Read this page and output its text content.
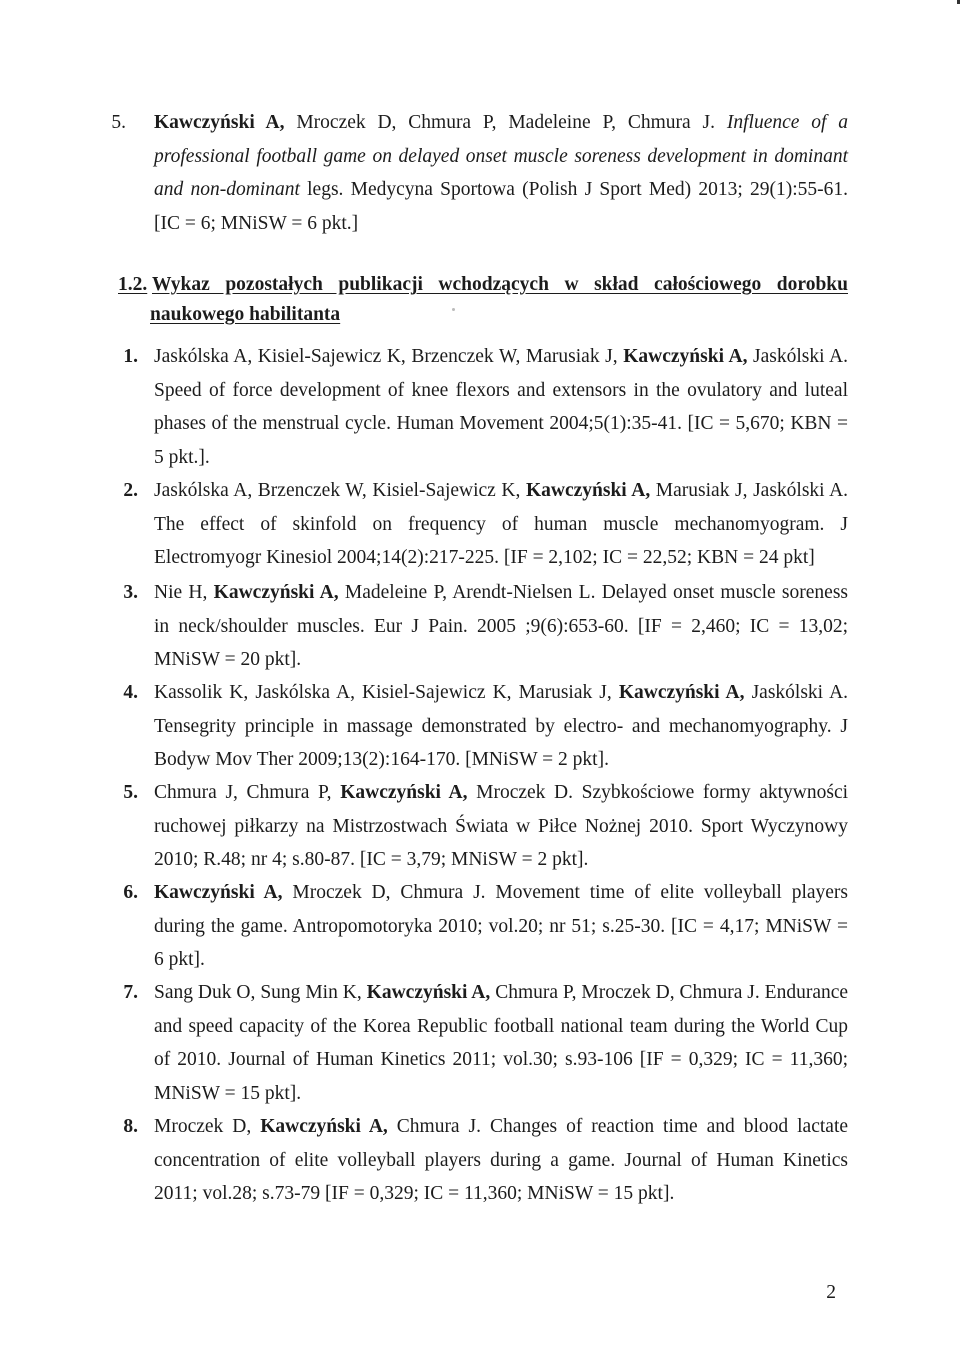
5. Kawczyński A, Mroczek D, Chmura P, Madeleine P, Chmura J. Influence of a professional football game on delayed onset muscle soreness development in dominant and non-dominant legs. Medycyna Sportowa (Polish J Sport Med) 2013; 29(1):55-61. [IC = 6; MNiSW = 6 pkt.]
1.2. Wykaz pozostałych publikacji wchodzących w skład całościowego dorobku
naukowego habilitanta
1. Jaskólska A, Kisiel-Sajewicz K, Brzenczek W, Marusiak J, Kawczyński A, Jaskólski A. Speed of force development of knee flexors and extensors in the ovulatory and luteal phases of the menstrual cycle. Human Movement 2004;5(1):35-41. [IC = 5,670; KBN = 5 pkt.].
2. Jaskólska A, Brzenczek W, Kisiel-Sajewicz K, Kawczyński A, Marusiak J, Jaskólski A. The effect of skinfold on frequency of human muscle mechanomyogram. J Electromyogr Kinesiol 2004;14(2):217-225. [IF = 2,102; IC = 22,52; KBN = 24 pkt]
3. Nie H, Kawczyński A, Madeleine P, Arendt-Nielsen L. Delayed onset muscle soreness in neck/shoulder muscles. Eur J Pain. 2005 ;9(6):653-60. [IF = 2,460; IC = 13,02; MNiSW = 20 pkt].
4. Kassolik K, Jaskólska A, Kisiel-Sajewicz K, Marusiak J, Kawczyński A, Jaskólski A. Tensegrity principle in massage demonstrated by electro- and mechanomyography. J Bodyw Mov Ther 2009;13(2):164-170. [MNiSW = 2 pkt].
5. Chmura J, Chmura P, Kawczyński A, Mroczek D. Szybkościowe formy aktywności ruchowej piłkarzy na Mistrzostwach Świata w Piłce Nożnej 2010. Sport Wyczynowy 2010; R.48; nr 4; s.80-87. [IC = 3,79; MNiSW = 2 pkt].
6. Kawczyński A, Mroczek D, Chmura J. Movement time of elite volleyball players during the game. Antropomotoryka 2010; vol.20; nr 51; s.25-30. [IC = 4,17; MNiSW = 6 pkt].
7. Sang Duk O, Sung Min K, Kawczyński A, Chmura P, Mroczek D, Chmura J. Endurance and speed capacity of the Korea Republic football national team during the World Cup of 2010. Journal of Human Kinetics 2011; vol.30; s.93-106 [IF = 0,329; IC = 11,360; MNiSW = 15 pkt].
8. Mroczek D, Kawczyński A, Chmura J. Changes of reaction time and blood lactate concentration of elite volleyball players during a game. Journal of Human Kinetics 2011; vol.28; s.73-79 [IF = 0,329; IC = 11,360; MNiSW = 15 pkt].
2
